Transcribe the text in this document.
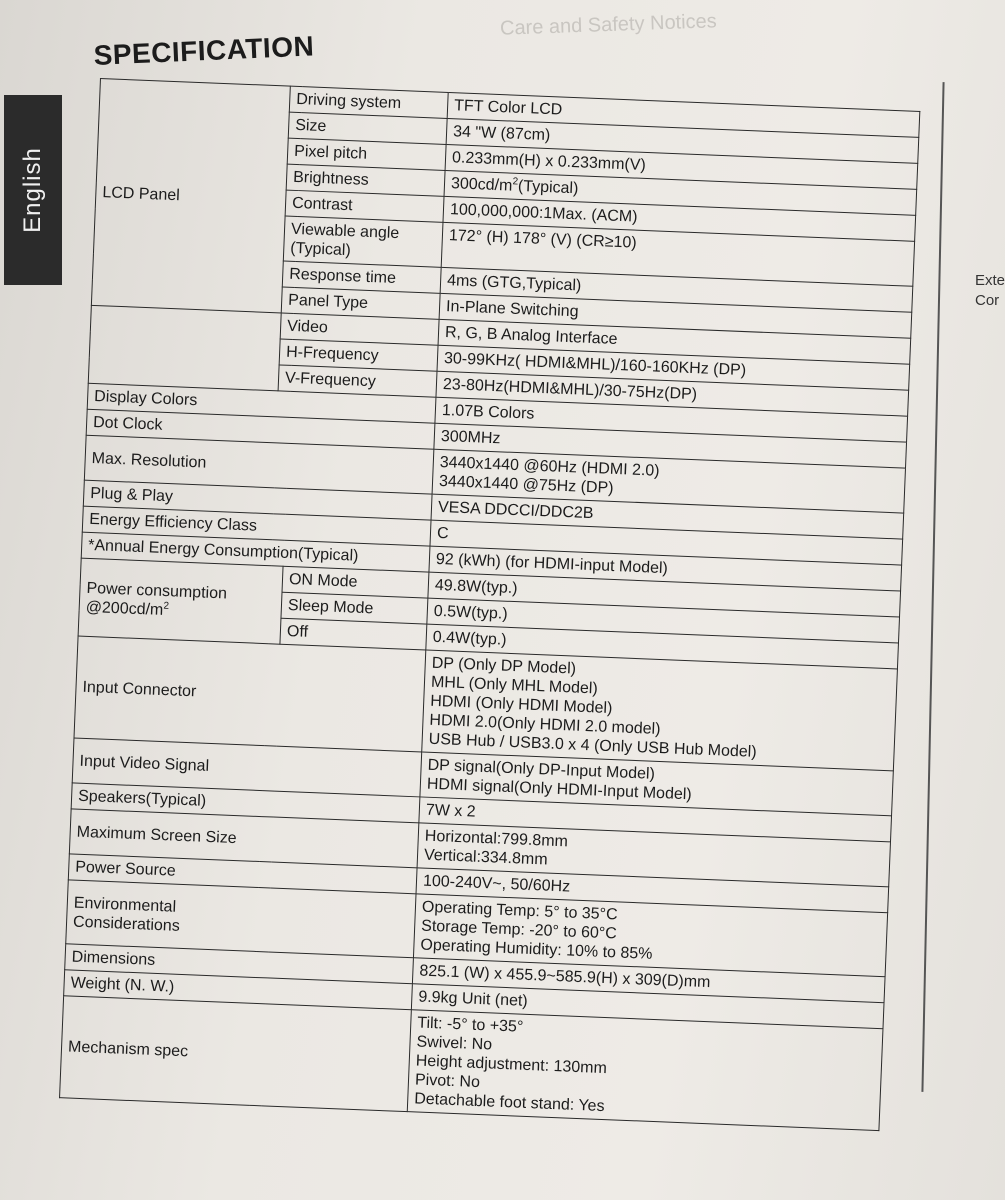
Care and Safety Notices
English
SPECIFICATION
LCD Panel	Driving system		TFT Color LCD

	Size		34 "W (87cm)

	Pixel pitch		0.233mm(H) x 0.233mm(V)

	Brightness		$300cd/m^2(Typical)$

	Contrast		100,000,000:1Max. (ACM)

	Viewable angle
(Typical)		172° (H) 178° (V) (CR≥10)

	Response time		4ms (GTG,Typical)

	Panel Type		In-Plane Switching

	Video		R, G, B Analog Interface
	H-Frequency		30-99KHz( HDMI&MHL)/160-160KHz (DP)
	V-Frequency		23-80Hz(HDMI&MHL)/30-75Hz(DP)
Display Colors			1.07B Colors

Dot Clock			300MHz

Max. Resolution			3440x1440 @60Hz (HDMI 2.0)
3440x1440 @75Hz (DP)

Plug & Play			VESA DDCCI/DDC2B

Energy Efficiency Class			C

*Annual Energy Consumption(Typical)			92 (kWh) (for HDMI-input Model)

Power consumption
$@200cd/m^2$		ON Mode	49.8W(typ.)
		Sleep Mode	0.5W(typ.)
		Off	0.4W(typ.)

Input Connector			DP (Only DP Model)
MHL (Only MHL Model)
HDMI (Only HDMI Model)
HDMI 2.0(Only HDMI 2.0 model)
USB Hub / USB3.0 x 4 (Only USB Hub Model)

Input Video Signal			DP signal(Only DP-Input Model)
HDMI signal(Only HDMI-Input Model)

Speakers(Typical)			7W x 2

Maximum Screen Size			Horizontal:799.8mm
Vertical:334.8mm

Power Source			100-240V~, 50/60Hz

Environmental
Considerations			Operating Temp: 5° to 35°C
Storage Temp: -20° to 60°C
Operating Humidity: 10% to 85%

Dimensions			825.1 (W) x 455.9~585.9(H) x 309(D)mm

Weight (N. W.)			9.9kg Unit (net)

Mechanism spec			Tilt: -5° to +35°
Swivel: No
Height adjustment: 130mm
Pivot: No
Detachable foot stand: Yes
Exte
Cor
